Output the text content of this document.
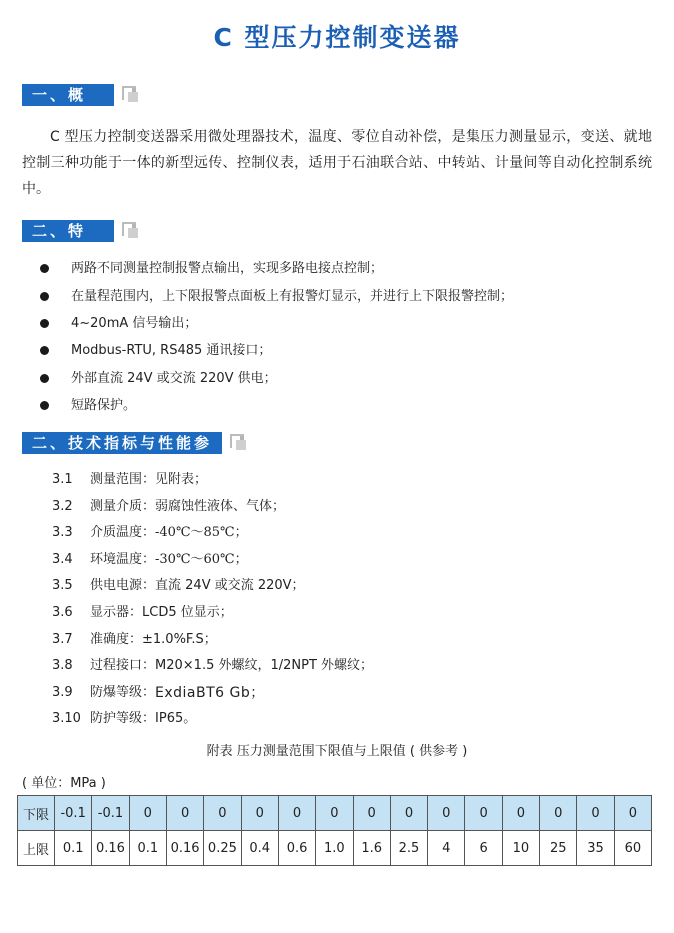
C 型压力控制变送器
一、概 述
C 型压力控制变送器采用微处理器技术，温度、零位自动补偿，是集压力测量显示，变送、就地控制三种功能于一体的新型远传、控制仪表，适用于石油联合站、中转站、计量间等自动化控制系统中。
二、特 点
两路不同测量控制报警点输出，实现多路电接点控制；
在量程范围内，上下限报警点面板上有报警灯显示，并进行上下限报警控制；
4~20mA 信号输出；
Modbus-RTU, RS485 通讯接口；
外部直流 24V 或交流 220V 供电；
短路保护。
二、技术指标与性能参数
3.1	测量范围： 见附表；
3.2	测量介质： 弱腐蚀性液体、气体；
3.3	介质温度： -40℃～85℃；
3.4	环境温度： -30℃～60℃；
3.5	供电电源： 直流 24V 或交流 220V；
3.6	显示器： LCD5 位显示；
3.7	准确度： ±1.0%F.S；
3.8	过程接口： M20×1.5 外螺纹，1/2NPT 外螺纹；
3.9	防爆等级： ExdiaBT6 Gb；
3.10 防护等级： IP65。
附表 压力测量范围下限值与上限值 ( 供参考 )
( 单位：MPa )
下限	-0.1	-0.1	0	0	0	0	0	0	0	0	0	0	0	0	0	0
上限	0.1	0.16	0.1	0.16	0.25	0.4	0.6	1.0	1.6	2.5	4	6	10	25	35	60
